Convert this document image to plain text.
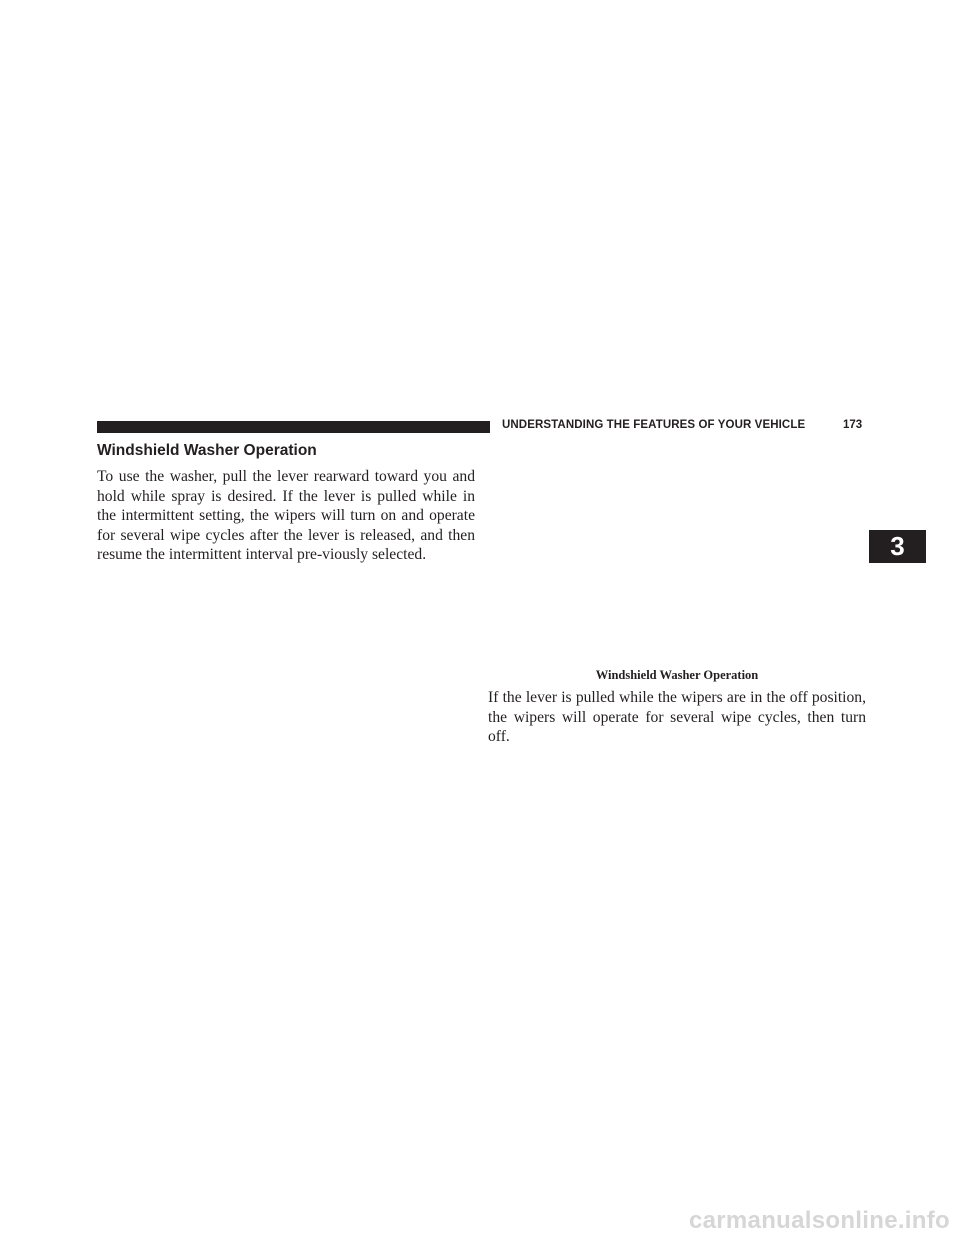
UNDERSTANDING THE FEATURES OF YOUR VEHICLE	173
Windshield Washer Operation

To use the washer, pull the lever rearward toward you and hold while spray is desired. If the lever is pulled while in the intermittent setting, the wipers will turn on and operate for several wipe cycles after the lever is released, and then resume the intermittent interval pre-viously selected.

Windshield Washer Operation

If the lever is pulled while the wipers are in the off position, the wipers will operate for several wipe cycles, then turn off.

3
carmanualsonline.info
